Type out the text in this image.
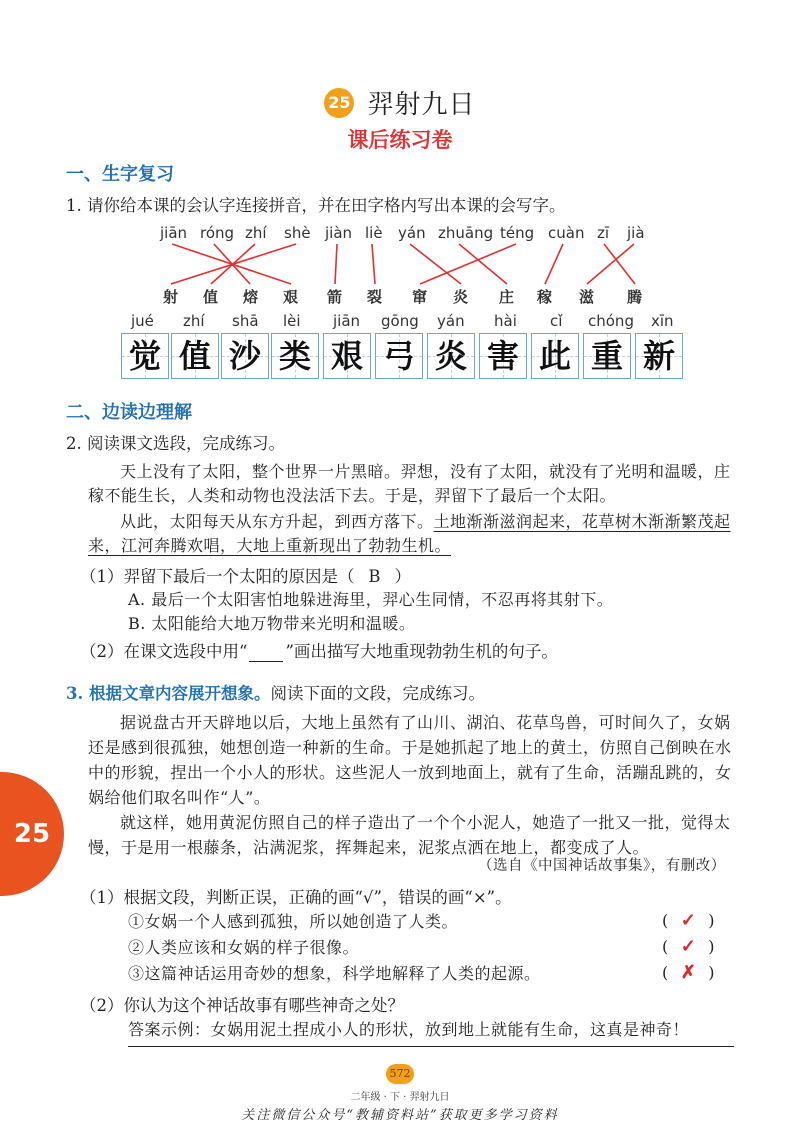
25 羿射九日
课后练习卷
一、生字复习
1. 请你给本课的会认字连接拼音，并在田字格内写出本课的会写字。
jiān róng zhí shè jiàn liè yán zhuāng téng cuàn zī jià
射 值 熔 艰 箭 裂 窜 炎 庄 稼 滋 腾
jué zhí shā lèi jiān gōng yán hài cǐ chóng xīn
觉 值 沙 类 艰 弓 炎 害 此 重 新
二、边读边理解
2. 阅读课文选段，完成练习。
天上没有了太阳，整个世界一片黑暗。羿想，没有了太阳，就没有了光明和温暖，庄稼不能生长，人类和动物也没法活下去。于是，羿留下了最后一个太阳。
从此，太阳每天从东方升起，到西方落下。土地渐渐滋润起来，花草树木渐渐繁茂起来，江河奔腾欢唱，大地上重新现出了勃勃生机。
（1）羿留下最后一个太阳的原因是（ B ）
A. 最后一个太阳害怕地躲进海里，羿心生同情，不忍再将其射下。
B. 太阳能给大地万物带来光明和温暖。
（2）在课文选段中用“ ”画出描写大地重现勃勃生机的句子。
3. 根据文章内容展开想象。阅读下面的文段，完成练习。
据说盘古开天辟地以后，大地上虽然有了山川、湖泊、花草鸟兽，可时间久了，女娲还是感到很孤独，她想创造一种新的生命。于是她抓起了地上的黄土，仿照自己倒映在水中的形貌，捏出一个小人的形状。这些泥人一放到地面上，就有了生命，活蹦乱跳的，女娲给他们取名叫作“人”。
就这样，她用黄泥仿照自己的样子造出了一个个小泥人，她造了一批又一批，觉得太慢，于是用一根藤条，沾满泥浆，挥舞起来，泥浆点洒在地上，都变成了人。
（选自《中国神话故事集》，有删改）
（1）根据文段，判断正误，正确的画“√”，错误的画“×”。
①女娲一个人感到孤独，所以她创造了人类。	( ✓ )
②人类应该和女娲的样子很像。	( ✓ )
③这篇神话运用奇妙的想象，科学地解释了人类的起源。	( ✗ )
（2）你认为这个神话故事有哪些神奇之处？
答案示例：女娲用泥土捏成小人的形状，放到地上就能有生命，这真是神奇！
25
572
二年级 · 下 · 羿射九日
关注微信公众号“教辅资料站”获取更多学习资料
